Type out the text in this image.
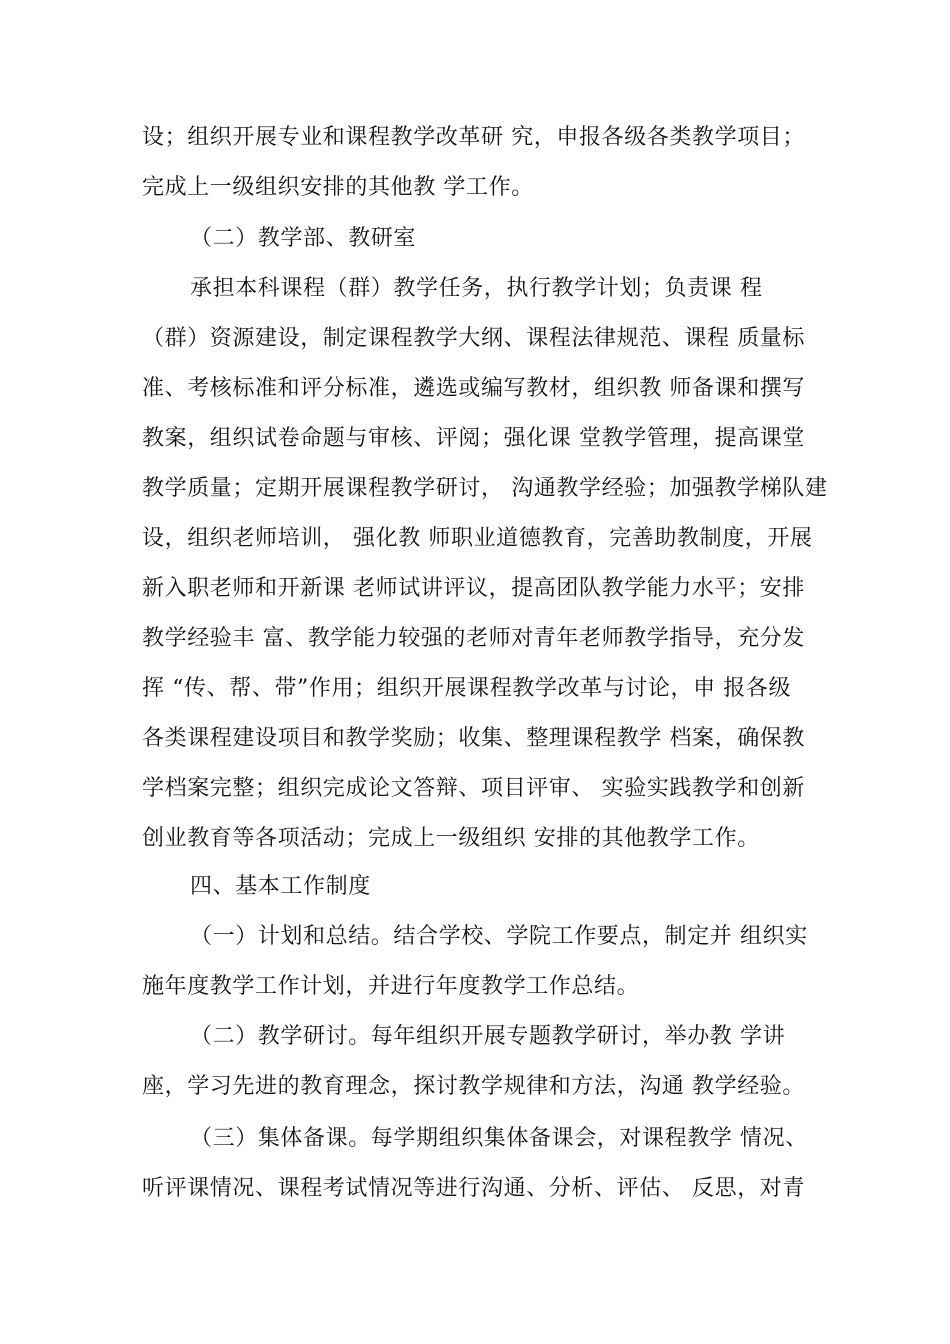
设；组织开展专业和课程教学改革研 究，申报各级各类教学项目；
完成上一级组织安排的其他教 学工作。
（二）教学部、教研室
承担本科课程（群）教学任务，执行教学计划；负责课 程
（群）资源建设，制定课程教学大纲、课程法律规范、课程 质量标
准、考核标准和评分标准，遴选或编写教材，组织教 师备课和撰写
教案，组织试卷命题与审核、评阅；强化课 堂教学管理，提高课堂
教学质量；定期开展课程教学研讨， 沟通教学经验；加强教学梯队建
设，组织老师培训， 强化教 师职业道德教育，完善助教制度，开展
新入职老师和开新课 老师试讲评议，提高团队教学能力水平；安排
教学经验丰 富、教学能力较强的老师对青年老师教学指导，充分发
挥 “传、帮、带”作用；组织开展课程教学改革与讨论，申 报各级
各类课程建设项目和教学奖励；收集、整理课程教学 档案，确保教
学档案完整；组织完成论文答辩、项目评审、 实验实践教学和创新
创业教育等各项活动；完成上一级组织 安排的其他教学工作。
四、基本工作制度
（一）计划和总结。结合学校、学院工作要点，制定并 组织实
施年度教学工作计划，并进行年度教学工作总结。
（二）教学研讨。每年组织开展专题教学研讨，举办教 学讲
座，学习先进的教育理念，探讨教学规律和方法，沟通 教学经验。
（三）集体备课。每学期组织集体备课会，对课程教学 情况、
听评课情况、课程考试情况等进行沟通、分析、评估、 反思，对青
